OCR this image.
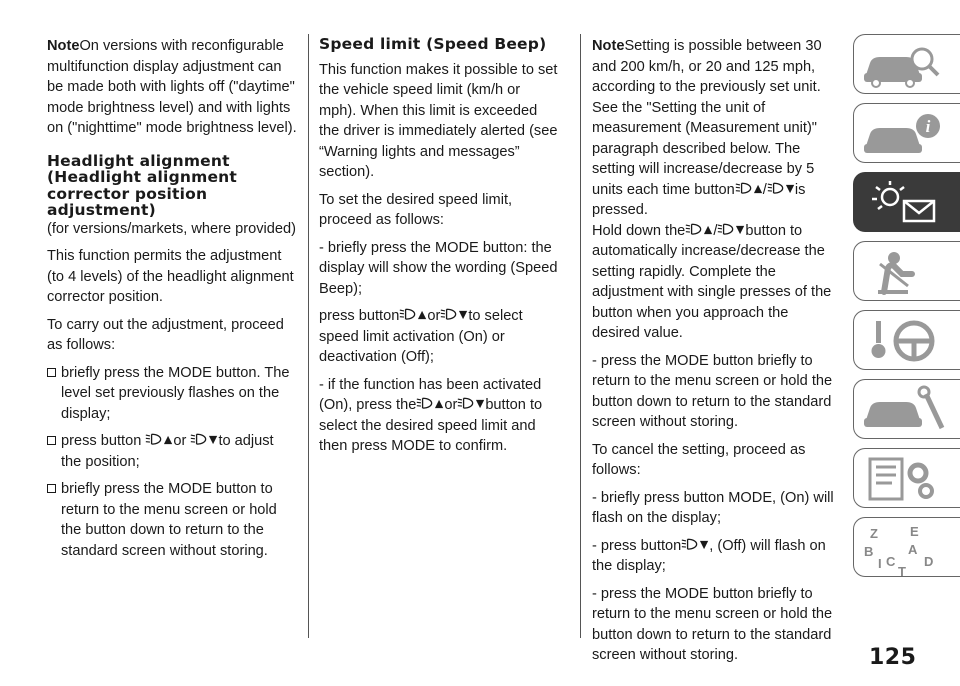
NoteOn versions with reconfigurable multifunction display adjustment can be made both with lights off ("daytime" mode brightness level) and with lights on ("nighttime" mode brightness level).

Headlight alignment (Headlight alignment corrector position adjustment)

(for versions/markets, where provided)

This function permits the adjustment (to 4 levels) of the headlight alignment corrector position.

To carry out the adjustment, proceed as follows:

briefly press the MODE button. The level set previously flashes on the display;
press button or to adjust the position;
briefly press the MODE button to return to the menu screen or hold the button down to return to the standard screen without storing.
Speed limit (Speed Beep)

This function makes it possible to set the vehicle speed limit (km/h or mph). When this limit is exceeded the driver is immediately alerted (see “Warning lights and messages” section).

To set the desired speed limit, proceed as follows:

- briefly press the MODE button: the display will show the wording (Speed Beep);

press button or to select speed limit activation (On) or deactivation (Off);

- if the function has been activated (On), press the or button to select the desired speed limit and then press MODE to confirm.

NoteSetting is possible between 30 and 200 km/h, or 20 and 125 mph, according to the previously set unit. See the "Setting the unit of measurement (Measurement unit)" paragraph described below. The setting will increase/decrease by 5 units each time button / is pressed.
Hold down the / button to automatically increase/decrease the setting rapidly. Complete the adjustment with single presses of the button when you approach the desired value.

- press the MODE button briefly to return to the menu screen or hold the button down to return to the standard screen without storing.

To cancel the setting, proceed as follows:

- briefly press button MODE, (On) will flash on the display;

- press button , (Off) will flash on the display;

- press the MODE button briefly to return to the menu screen or hold the button down to return to the standard screen without storing.

i
Z E
A
B
C D
I
T
125
